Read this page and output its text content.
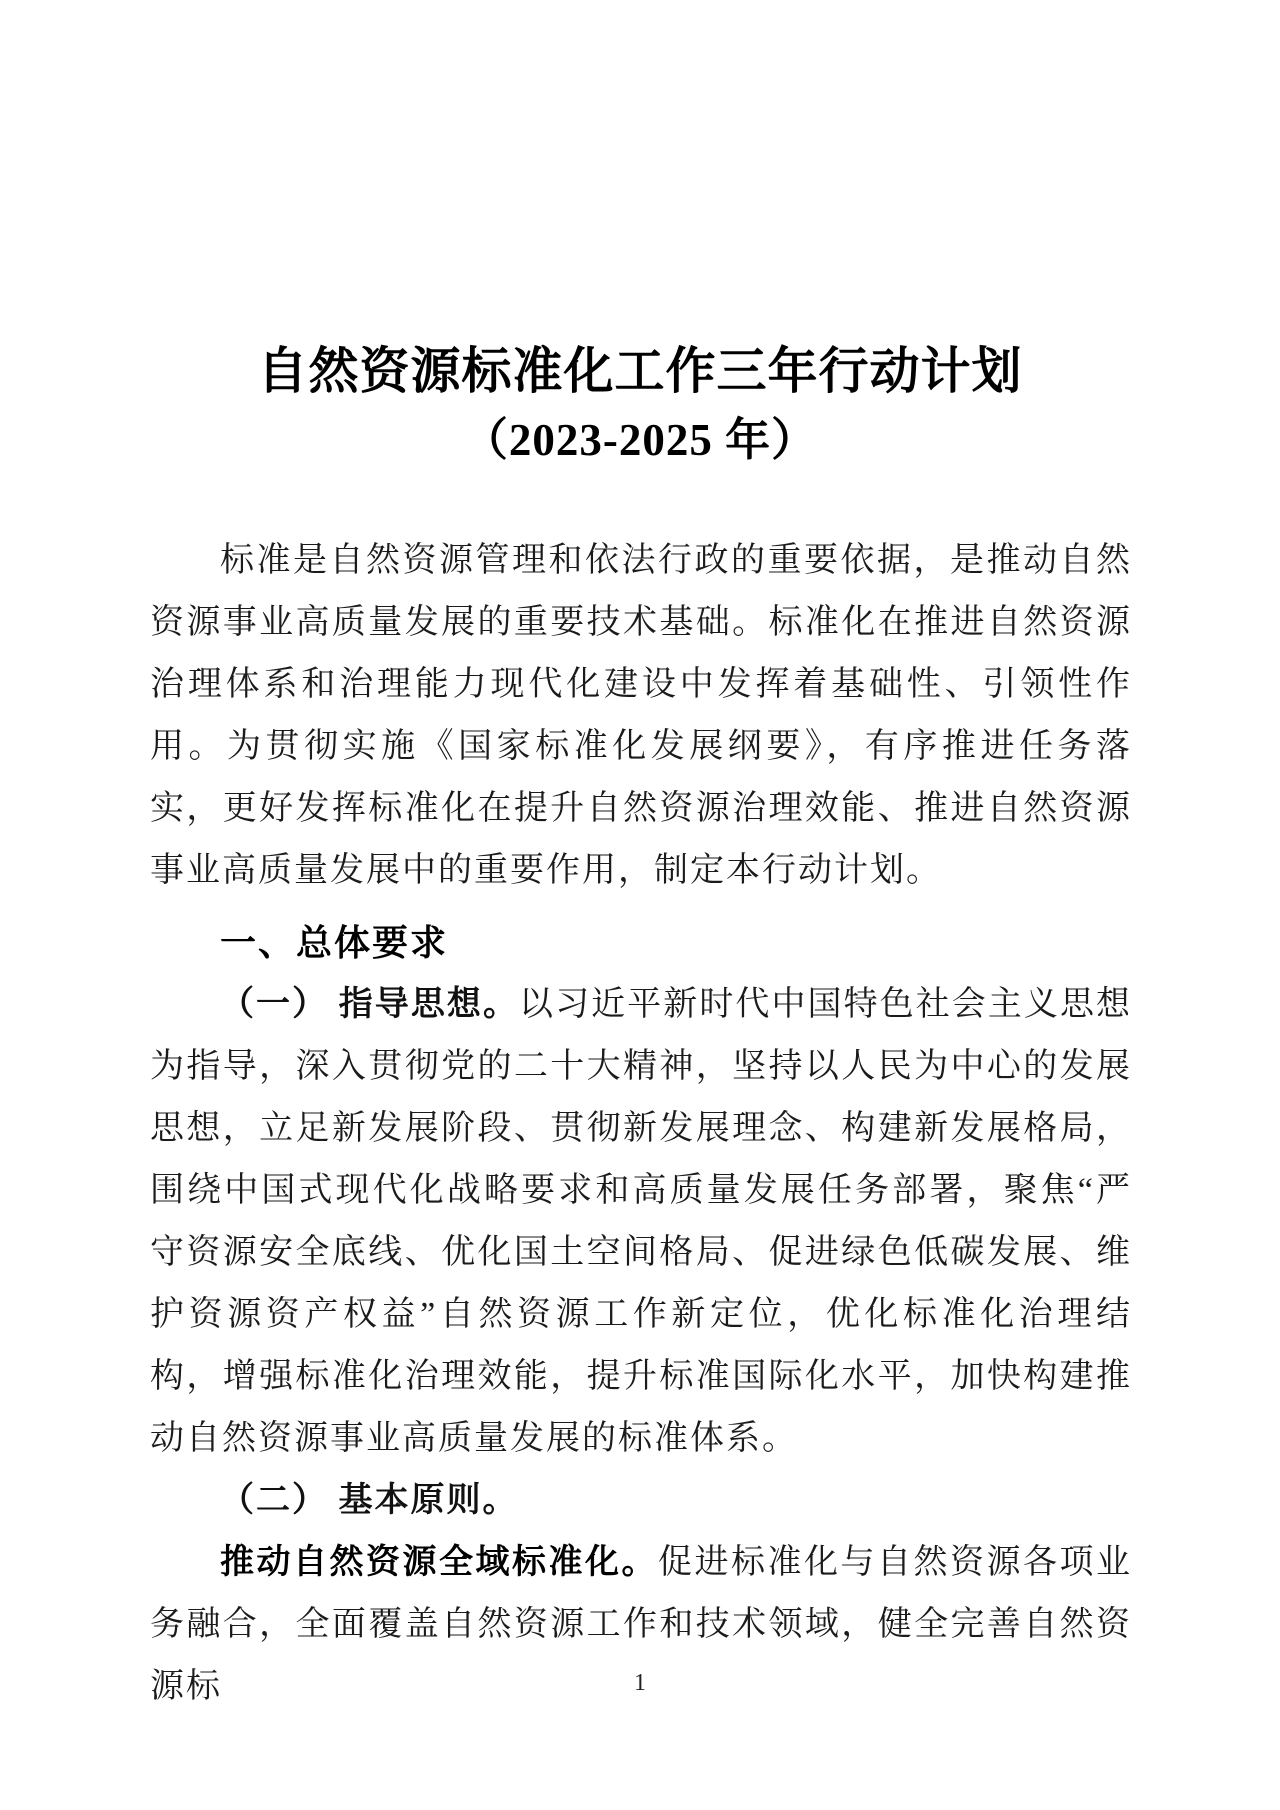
自然资源标准化工作三年行动计划
（2023-2025 年）

标准是自然资源管理和依法行政的重要依据，是推动自然资源事业高质量发展的重要技术基础。标准化在推进自然资源治理体系和治理能力现代化建设中发挥着基础性、引领性作用。为贯彻实施《国家标准化发展纲要》，有序推进任务落实，更好发挥标准化在提升自然资源治理效能、推进自然资源事业高质量发展中的重要作用，制定本行动计划。

一、总体要求

（一） 指导思想。以习近平新时代中国特色社会主义思想为指导，深入贯彻党的二十大精神，坚持以人民为中心的发展思想，立足新发展阶段、贯彻新发展理念、构建新发展格局，围绕中国式现代化战略要求和高质量发展任务部署，聚焦“严守资源安全底线、优化国土空间格局、促进绿色低碳发展、维护资源资产权益”自然资源工作新定位，优化标准化治理结构，增强标准化治理效能，提升标准国际化水平，加快构建推动自然资源事业高质量发展的标准体系。

（二） 基本原则。

推动自然资源全域标准化。促进标准化与自然资源各项业务融合，全面覆盖自然资源工作和技术领域，健全完善自然资源标	1
